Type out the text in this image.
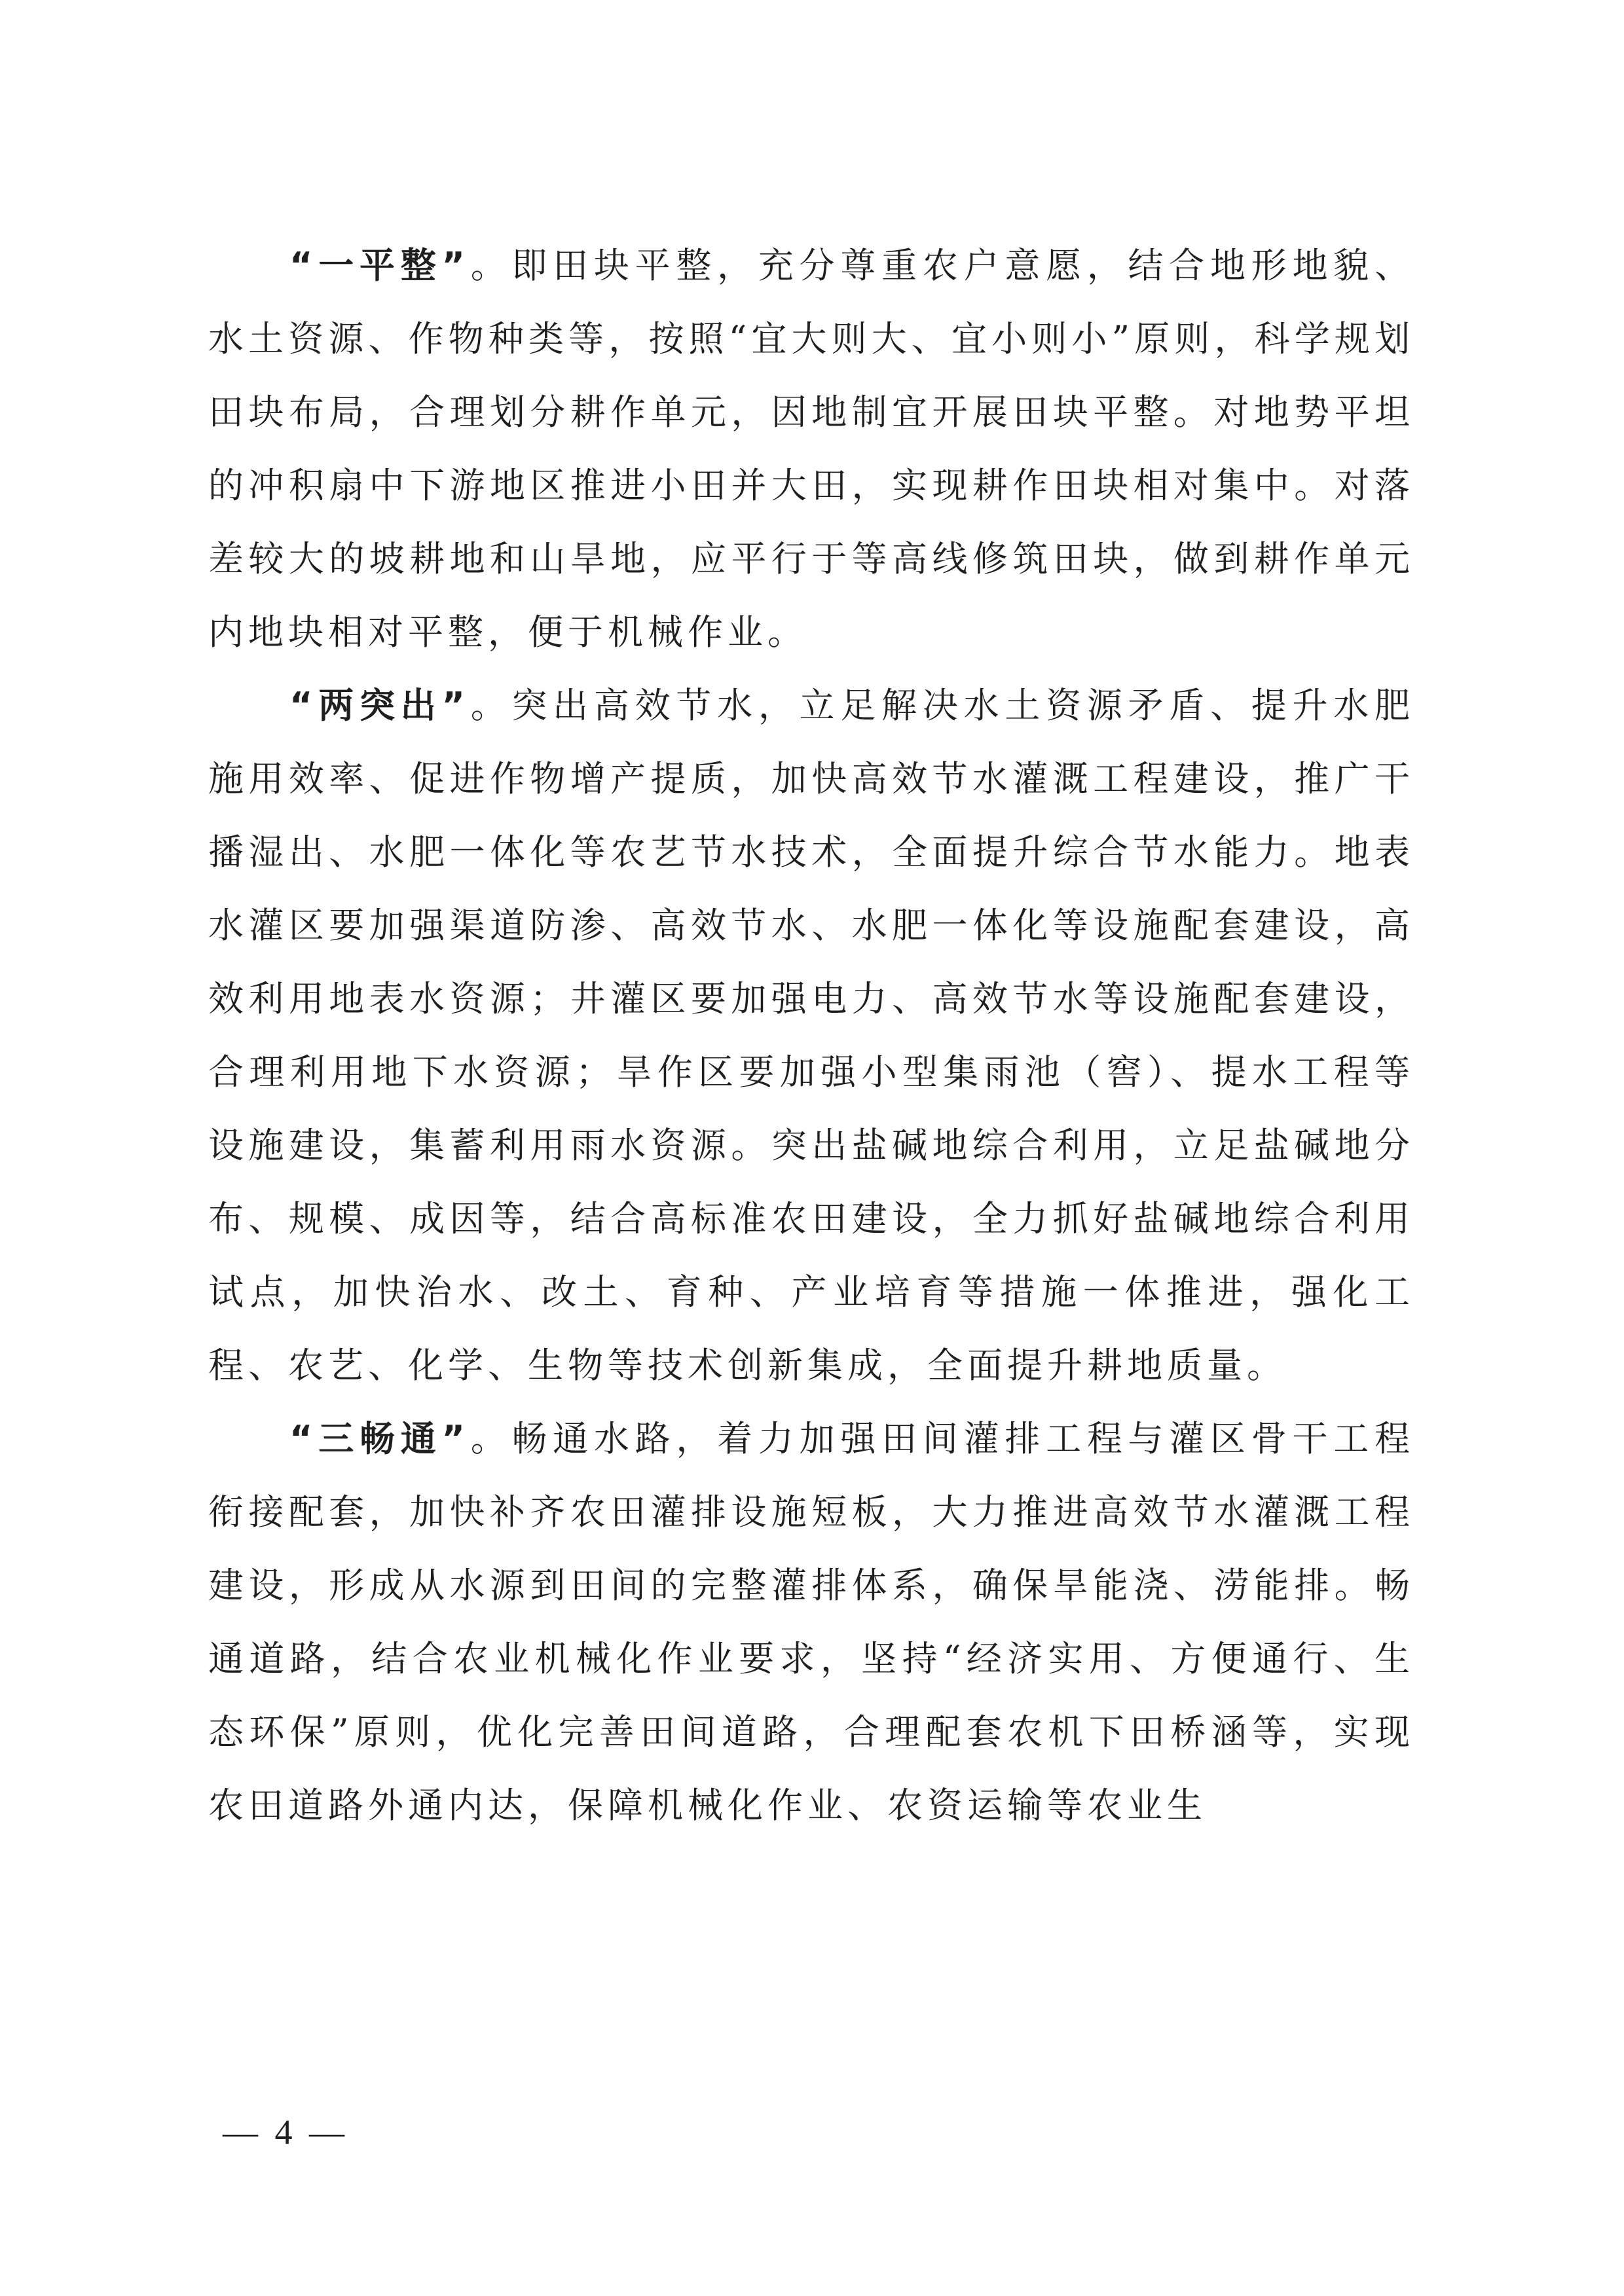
“一平整”。即田块平整，充分尊重农户意愿，结合地形地貌、水土资源、作物种类等，按照“宜大则大、宜小则小”原则，科学规划田块布局，合理划分耕作单元，因地制宜开展田块平整。对地势平坦的冲积扇中下游地区推进小田并大田，实现耕作田块相对集中。对落差较大的坡耕地和山旱地，应平行于等高线修筑田块，做到耕作单元内地块相对平整，便于机械作业。

“两突出”。突出高效节水，立足解决水土资源矛盾、提升水肥施用效率、促进作物增产提质，加快高效节水灌溉工程建设，推广干播湿出、水肥一体化等农艺节水技术，全面提升综合节水能力。地表水灌区要加强渠道防渗、高效节水、水肥一体化等设施配套建设，高效利用地表水资源；井灌区要加强电力、高效节水等设施配套建设，合理利用地下水资源；旱作区要加强小型集雨池（窖）、提水工程等设施建设，集蓄利用雨水资源。突出盐碱地综合利用，立足盐碱地分布、规模、成因等，结合高标准农田建设，全力抓好盐碱地综合利用试点，加快治水、改土、育种、产业培育等措施一体推进，强化工程、农艺、化学、生物等技术创新集成，全面提升耕地质量。

“三畅通”。畅通水路，着力加强田间灌排工程与灌区骨干工程衔接配套，加快补齐农田灌排设施短板，大力推进高效节水灌溉工程建设，形成从水源到田间的完整灌排体系，确保旱能浇、涝能排。畅通道路，结合农业机械化作业要求，坚持“经济实用、方便通行、生态环保”原则，优化完善田间道路，合理配套农机下田桥涵等，实现农田道路外通内达，保障机械化作业、农资运输等农业生

— 4 —
